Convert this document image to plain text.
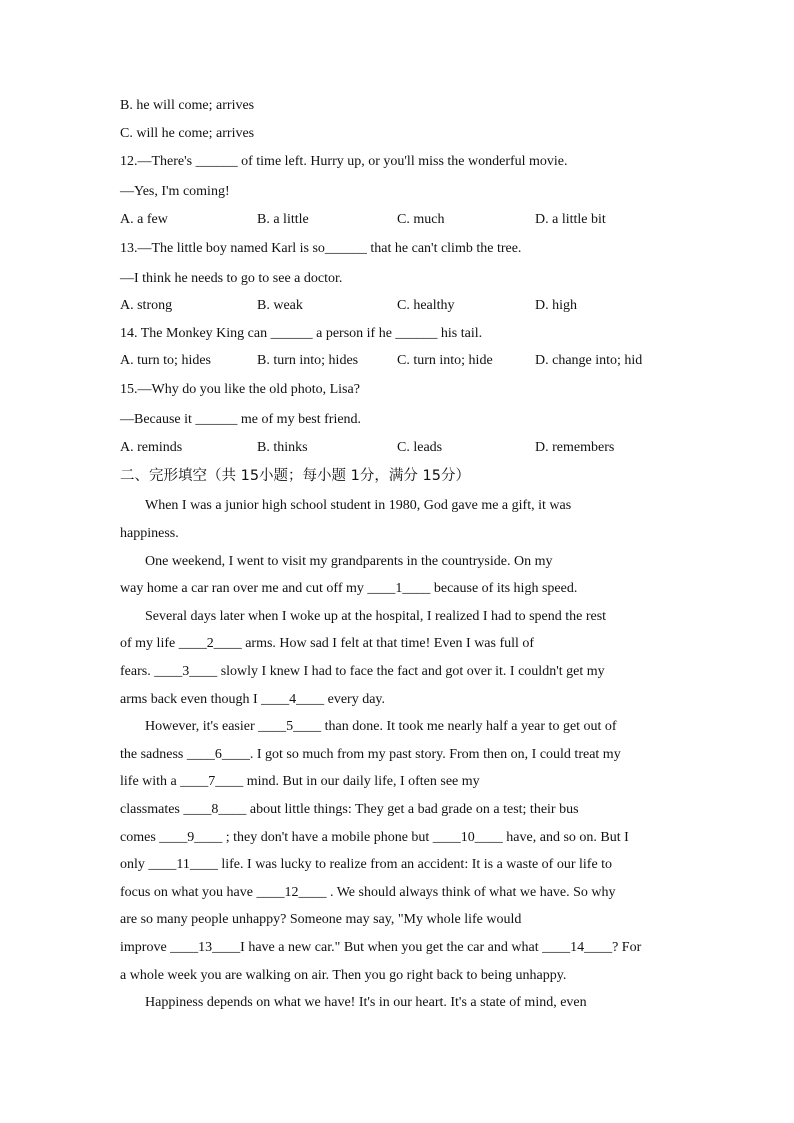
B. he will come; arrives
C. will he come; arrives
12.—There's ______ of time left. Hurry up, or you'll miss the wonderful movie.
—Yes, I'm coming!
A. a few	B. a little	C. much	D. a little bit
13.—The little boy named Karl is so______ that he can't climb the tree.
—I think he needs to go to see a doctor.
A. strong	B. weak	C. healthy	D. high
14. The Monkey King can ______ a person if he ______ his tail.
A. turn to; hides	B. turn into; hides	C. turn into; hide	D. change into; hid
15.—Why do you like the old photo, Lisa?
—Because it ______ me of my best friend.
A. reminds	B. thinks	C. leads	D. remembers
二、完形填空（共 15小题；每小题 1分，满分 15分）
When I was a junior high school student in 1980, God gave me a gift, it was
happiness.
One weekend, I went to visit my grandparents in the countryside. On my
way home a car ran over me and cut off my ____1____ because of its high speed.
Several days later when I woke up at the hospital, I realized I had to spend the rest
of my life ____2____ arms. How sad I felt at that time! Even I was full of
fears. ____3____ slowly I knew I had to face the fact and got over it. I couldn't get my
arms back even though I ____4____ every day.
However, it's easier ____5____ than done. It took me nearly half a year to get out of
the sadness ____6____. I got so much from my past story. From then on, I could treat my
life with a ____7____ mind. But in our daily life, I often see my
classmates ____8____ about little things: They get a bad grade on a test; their bus
comes ____9____ ; they don't have a mobile phone but ____10____ have, and so on. But I
only ____11____ life. I was lucky to realize from an accident: It is a waste of our life to
focus on what you have ____12____ . We should always think of what we have. So why
are so many people unhappy? Someone may say, "My whole life would
improve ____13____I have a new car." But when you get the car and what ____14____? For
a whole week you are walking on air. Then you go right back to being unhappy.
Happiness depends on what we have! It's in our heart. It's a state of mind, even
